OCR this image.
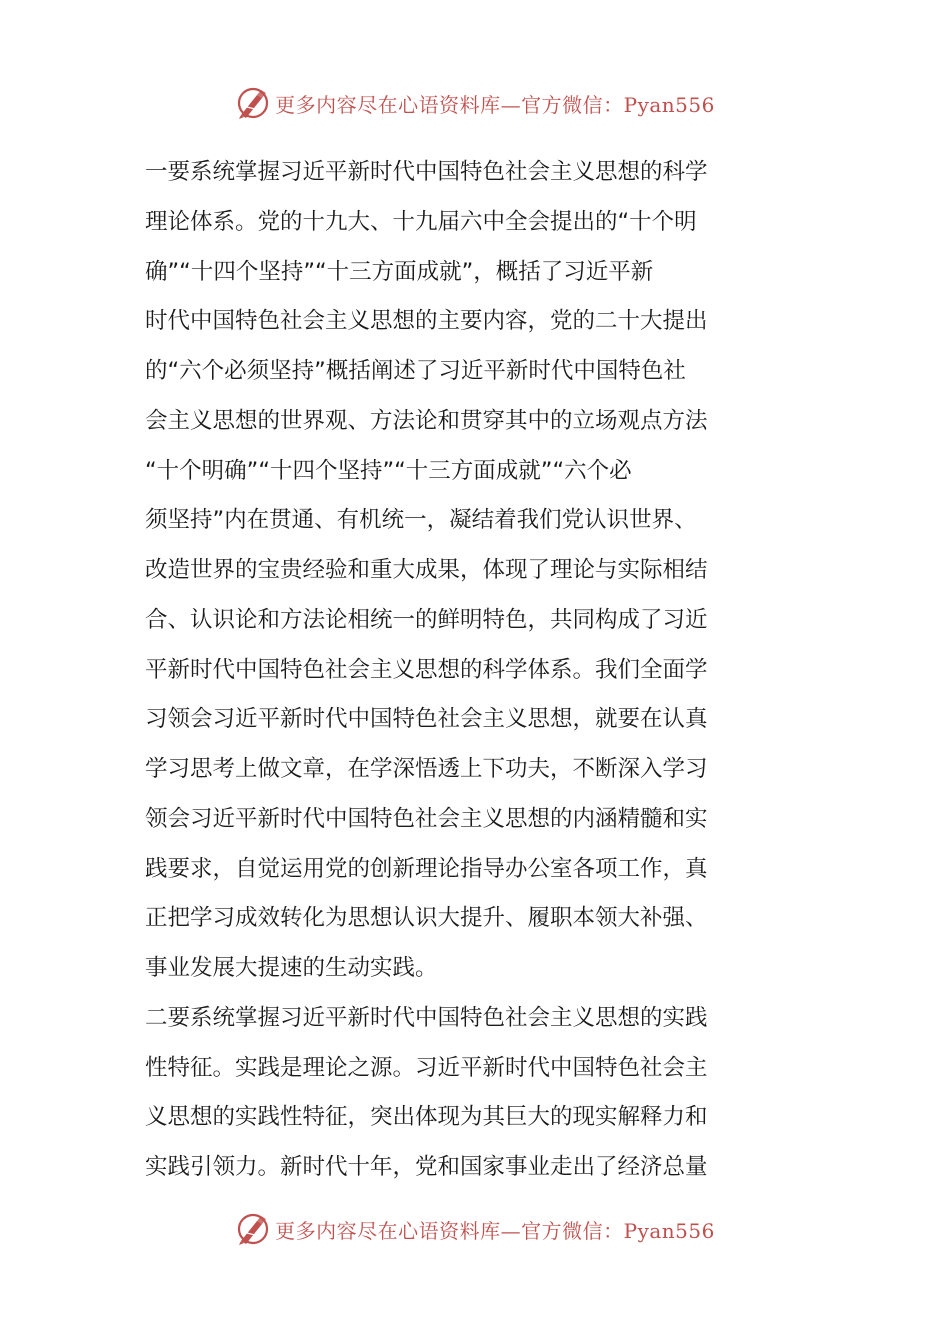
更多内容尽在心语资料库—官方微信：Pyan556
一要系统掌握习近平新时代中国特色社会主义思想的科学
理论体系。党的十九大、十九届六中全会提出的“十个明
确”“十四个坚持”“十三方面成就”，概括了习近平新
时代中国特色社会主义思想的主要内容，党的二十大提出
的“六个必须坚持”概括阐述了习近平新时代中国特色社
会主义思想的世界观、方法论和贯穿其中的立场观点方法
“十个明确”“十四个坚持”“十三方面成就”“六个必
须坚持”内在贯通、有机统一，凝结着我们党认识世界、
改造世界的宝贵经验和重大成果，体现了理论与实际相结
合、认识论和方法论相统一的鲜明特色，共同构成了习近
平新时代中国特色社会主义思想的科学体系。我们全面学
习领会习近平新时代中国特色社会主义思想，就要在认真
学习思考上做文章，在学深悟透上下功夫，不断深入学习
领会习近平新时代中国特色社会主义思想的内涵精髓和实
践要求，自觉运用党的创新理论指导办公室各项工作，真
正把学习成效转化为思想认识大提升、履职本领大补强、
事业发展大提速的生动实践。
二要系统掌握习近平新时代中国特色社会主义思想的实践
性特征。实践是理论之源。习近平新时代中国特色社会主
义思想的实践性特征，突出体现为其巨大的现实解释力和
实践引领力。新时代十年，党和国家事业走出了经济总量
更多内容尽在心语资料库—官方微信：Pyan556
